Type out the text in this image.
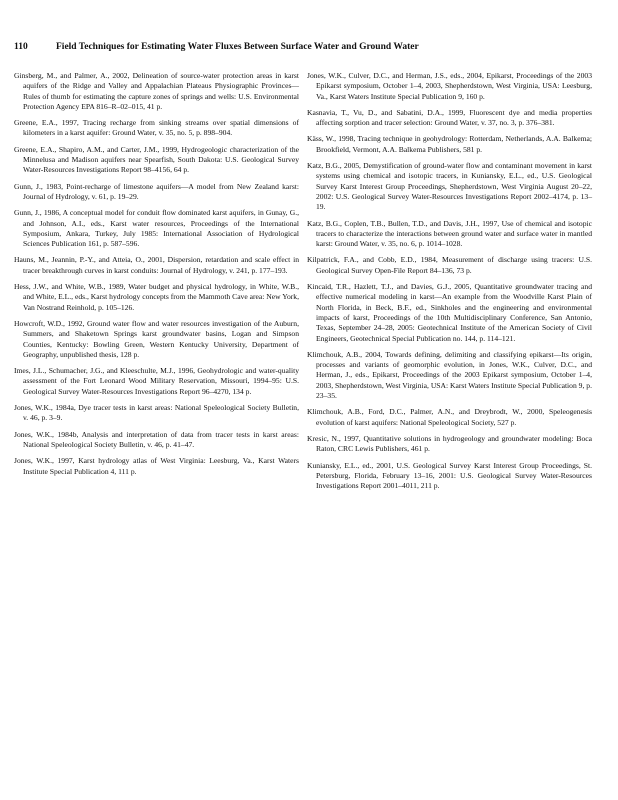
110	Field Techniques for Estimating Water Fluxes Between Surface Water and Ground Water

Ginsberg, M., and Palmer, A., 2002, Delineation of source-water protection areas in karst aquifers of the Ridge and Valley and Appalachian Plateaus Physiographic Provinces—Rules of thumb for estimating the capture zones of springs and wells: U.S. Environmental Protection Agency EPA 816–R–02–015, 41 p.

Greene, E.A., 1997, Tracing recharge from sinking streams over spatial dimensions of kilometers in a karst aquifer: Ground Water, v. 35, no. 5, p. 898–904.

Greene, E.A., Shapiro, A.M., and Carter, J.M., 1999, Hydrogeologic characterization of the Minnelusa and Madison aquifers near Spearfish, South Dakota: U.S. Geological Survey Water-Resources Investigations Report 98–4156, 64 p.

Gunn, J., 1983, Point-recharge of limestone aquifers—A model from New Zealand karst: Journal of Hydrology, v. 61, p. 19–29.

Gunn, J., 1986, A conceptual model for conduit flow dominated karst aquifers, in Gunay, G., and Johnson, A.I., eds., Karst water resources, Proceedings of the International Symposium, Ankara, Turkey, July 1985: International Association of Hydrological Sciences Publication 161, p. 587–596.

Hauns, M., Jeannin, P.-Y., and Atteia, O., 2001, Dispersion, retardation and scale effect in tracer breakthrough curves in karst conduits: Journal of Hydrology, v. 241, p. 177–193.

Hess, J.W., and White, W.B., 1989, Water budget and physical hydrology, in White, W.B., and White, E.L., eds., Karst hydrology concepts from the Mammoth Cave area: New York, Van Nostrand Reinhold, p. 105–126.

Howcroft, W.D., 1992, Ground water flow and water resources investigation of the Auburn, Summers, and Shaketown Springs karst groundwater basins, Logan and Simpson Counties, Kentucky: Bowling Green, Western Kentucky University, Department of Geography, unpublished thesis, 128 p.

Imes, J.L., Schumacher, J.G., and Kleeschulte, M.J., 1996, Geohydrologic and water-quality assessment of the Fort Leonard Wood Military Reservation, Missouri, 1994–95: U.S. Geological Survey Water-Resources Investigations Report 96–4270, 134 p.

Jones, W.K., 1984a, Dye tracer tests in karst areas: National Speleological Society Bulletin, v. 46, p. 3–9.

Jones, W.K., 1984b, Analysis and interpretation of data from tracer tests in karst areas: National Speleological Society Bulletin, v. 46, p. 41–47.

Jones, W.K., 1997, Karst hydrology atlas of West Virginia: Leesburg, Va., Karst Waters Institute Special Publication 4, 111 p.

Jones, W.K., Culver, D.C., and Herman, J.S., eds., 2004, Epikarst, Proceedings of the 2003 Epikarst symposium, October 1–4, 2003, Shepherdstown, West Virginia, USA: Leesburg, Va., Karst Waters Institute Special Publication 9, 160 p.

Kasnavia, T., Vu, D., and Sabatini, D.A., 1999, Fluorescent dye and media properties affecting sorption and tracer selection: Ground Water, v. 37, no. 3, p. 376–381.

Käss, W., 1998, Tracing technique in geohydrology: Rotterdam, Netherlands, A.A. Balkema; Brookfield, Vermont, A.A. Balkema Publishers, 581 p.

Katz, B.G., 2005, Demystification of ground-water flow and contaminant movement in karst systems using chemical and isotopic tracers, in Kuniansky, E.L., ed., U.S. Geological Survey Karst Interest Group Proceedings, Shepherdstown, West Virginia August 20–22, 2002: U.S. Geological Survey Water-Resources Investigations Report 2002–4174, p. 13–19.

Katz, B.G., Coplen, T.B., Bullen, T.D., and Davis, J.H., 1997, Use of chemical and isotopic tracers to characterize the interactions between ground water and surface water in mantled karst: Ground Water, v. 35, no. 6, p. 1014–1028.

Kilpatrick, F.A., and Cobb, E.D., 1984, Measurement of discharge using tracers: U.S. Geological Survey Open-File Report 84–136, 73 p.

Kincaid, T.R., Hazlett, T.J., and Davies, G.J., 2005, Quantitative groundwater tracing and effective numerical modeling in karst—An example from the Woodville Karst Plain of North Florida, in Beck, B.F., ed., Sinkholes and the engineering and environmental impacts of karst, Proceedings of the 10th Multidisciplinary Conference, San Antonio, Texas, September 24–28, 2005: Geotechnical Institute of the American Society of Civil Engineers, Geotechnical Special Publication no. 144, p. 114–121.

Klimchouk, A.B., 2004, Towards defining, delimiting and classifying epikarst—Its origin, processes and variants of geomorphic evolution, in Jones, W.K., Culver, D.C., and Herman, J., eds., Epikarst, Proceedings of the 2003 Epikarst symposium, October 1–4, 2003, Shepherdstown, West Virginia, USA: Karst Waters Institute Special Publication 9, p. 23–35.

Klimchouk, A.B., Ford, D.C., Palmer, A.N., and Dreybrodt, W., 2000, Speleogenesis evolution of karst aquifers: National Speleological Society, 527 p.

Kresic, N., 1997, Quantitative solutions in hydrogeology and groundwater modeling: Boca Raton, CRC Lewis Publishers, 461 p.

Kuniansky, E.L., ed., 2001, U.S. Geological Survey Karst Interest Group Proceedings, St. Petersburg, Florida, February 13–16, 2001: U.S. Geological Survey Water-Resources Investigations Report 2001–4011, 211 p.
